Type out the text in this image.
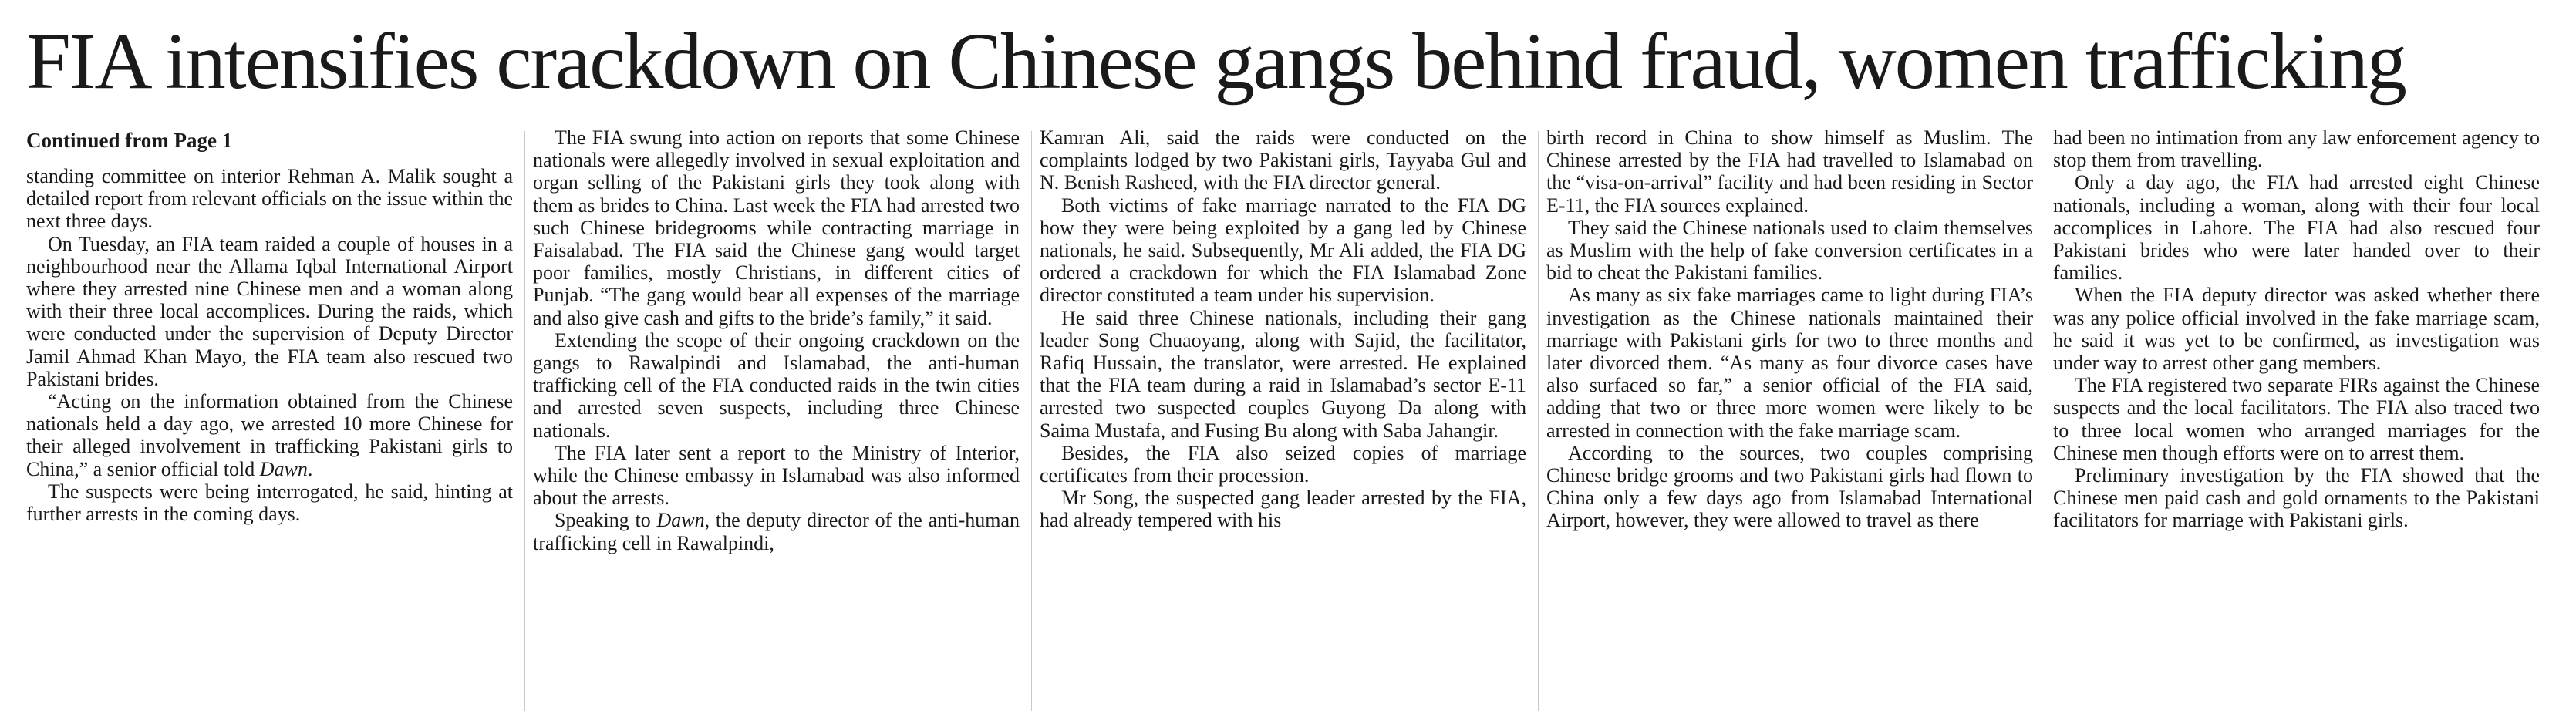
FIA intensifies crackdown on Chinese gangs behind fraud, women trafficking
Continued from Page 1

standing committee on interior Rehman A. Malik sought a detailed report from relevant officials on the issue within the next three days.

On Tuesday, an FIA team raided a couple of houses in a neighbourhood near the Allama Iqbal International Airport where they arrested nine Chinese men and a woman along with their three local accomplices. During the raids, which were conducted under the supervision of Deputy Director Jamil Ahmad Khan Mayo, the FIA team also rescued two Pakistani brides.

“Acting on the information obtained from the Chinese nationals held a day ago, we arrested 10 more Chinese for their alleged involvement in trafficking Pakistani girls to China,” a senior official told Dawn.

The suspects were being interrogated, he said, hinting at further arrests in the coming days.

The FIA swung into action on reports that some Chinese nationals were allegedly involved in sexual exploitation and organ selling of the Pakistani girls they took along with them as brides to China. Last week the FIA had arrested two such Chinese bridegrooms while contracting marriage in Faisalabad. The FIA said the Chinese gang would target poor families, mostly Christians, in different cities of Punjab. “The gang would bear all expenses of the marriage and also give cash and gifts to the bride’s family,” it said.

Extending the scope of their ongoing crackdown on the gangs to Rawalpindi and Islamabad, the anti-human trafficking cell of the FIA conducted raids in the twin cities and arrested seven suspects, including three Chinese nationals.

The FIA later sent a report to the Ministry of Interior, while the Chinese embassy in Islamabad was also informed about the arrests.

Speaking to Dawn, the deputy director of the anti-human trafficking cell in Rawalpindi,

Kamran Ali, said the raids were conducted on the complaints lodged by two Pakistani girls, Tayyaba Gul and N. Benish Rasheed, with the FIA director general.

Both victims of fake marriage narrated to the FIA DG how they were being exploited by a gang led by Chinese nationals, he said. Subsequently, Mr Ali added, the FIA DG ordered a crackdown for which the FIA Islamabad Zone director constituted a team under his supervision.

He said three Chinese nationals, including their gang leader Song Chuaoyang, along with Sajid, the facilitator, Rafiq Hussain, the translator, were arrested. He explained that the FIA team during a raid in Islamabad’s sector E-11 arrested two suspected couples Guyong Da along with Saima Mustafa, and Fusing Bu along with Saba Jahangir.

Besides, the FIA also seized copies of marriage certificates from their procession.

Mr Song, the suspected gang leader arrested by the FIA, had already tempered with his

birth record in China to show himself as Muslim. The Chinese arrested by the FIA had travelled to Islamabad on the “visa-on-arrival” facility and had been residing in Sector E-11, the FIA sources explained.

They said the Chinese nationals used to claim themselves as Muslim with the help of fake conversion certificates in a bid to cheat the Pakistani families.

As many as six fake marriages came to light during FIA’s investigation as the Chinese nationals maintained their marriage with Pakistani girls for two to three months and later divorced them. “As many as four divorce cases have also surfaced so far,” a senior official of the FIA said, adding that two or three more women were likely to be arrested in connection with the fake marriage scam.

According to the sources, two couples comprising Chinese bridge grooms and two Pakistani girls had flown to China only a few days ago from Islamabad International Airport, however, they were allowed to travel as there

had been no intimation from any law enforcement agency to stop them from travelling.

Only a day ago, the FIA had arrested eight Chinese nationals, including a woman, along with their four local accomplices in Lahore. The FIA had also rescued four Pakistani brides who were later handed over to their families.

When the FIA deputy director was asked whether there was any police official involved in the fake marriage scam, he said it was yet to be confirmed, as investigation was under way to arrest other gang members.

The FIA registered two separate FIRs against the Chinese suspects and the local facilitators. The FIA also traced two to three local women who arranged marriages for the Chinese men though efforts were on to arrest them.

Preliminary investigation by the FIA showed that the Chinese men paid cash and gold ornaments to the Pakistani facilitators for marriage with Pakistani girls.
